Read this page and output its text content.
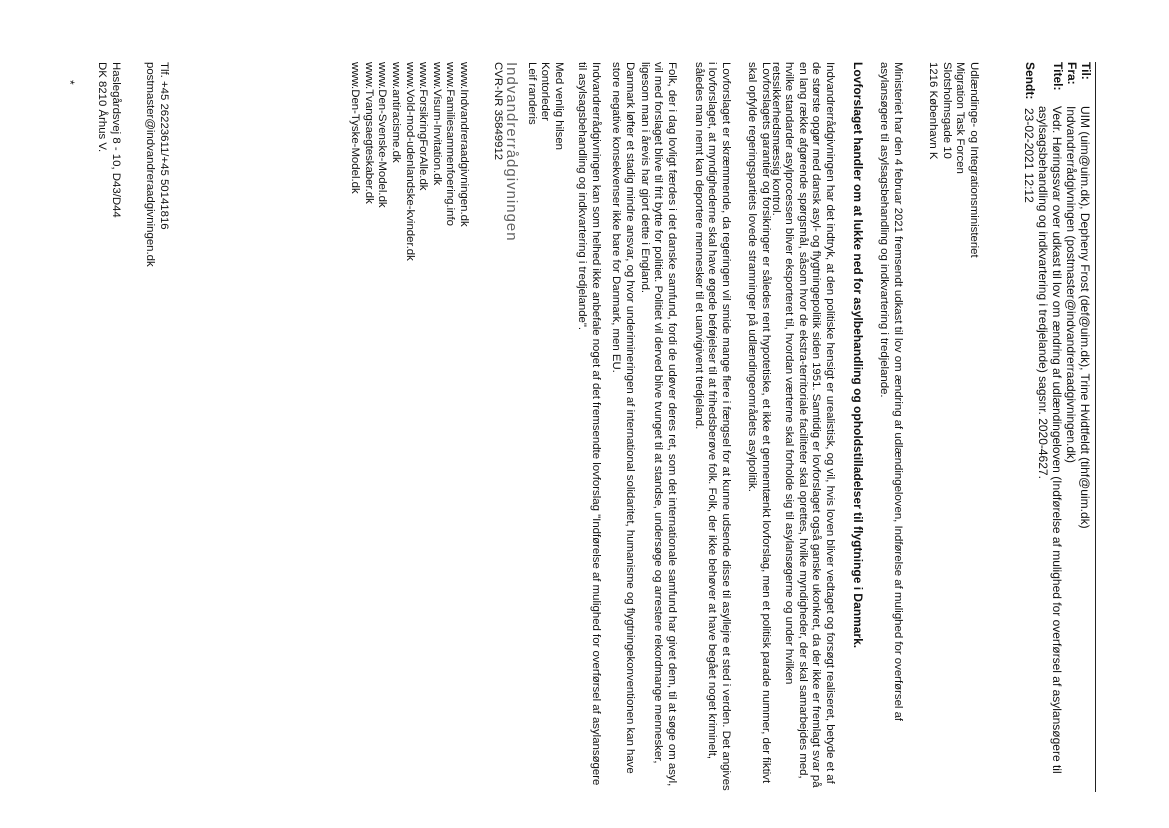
Til:
UIM (uim@uim.dk), Depheny Frost (def@uim.dk), Trine Hvidtfeldt (tihf@uim.dk)
Fra:
Indvandrerrådgivningen (postmaster@indvandrerraadgivningen.dk)
Titel:
Vedr. Høringssvar over udkast til lov om ændring af udlændingeloven (Indførelse af mulighed for overførsel af asylansøgere til asylsagsbehandling og indkvartering i tredjelande) sagsnr. 2020-4627.
Sendt:
23-02-2021 12:12
Udlændinge- og Integrationsministeriet
Migration Task Forcen
Slotsholmsgade 10
1216 København K
Ministeriet har den 4 februar 2021 fremsendt udkast til lov om ændring af udlændingeloven, Indførelse af mulighed for overførsel af asylansøgere til asylsagsbehandling og indkvartering i tredjelande.
Lovforslaget handler om at lukke ned for asylbehandling og opholdstilladelser til flygtninge i Danmark.
Indvandrerrådgivningen har det indtryk, at den politiske hensigt er urealistisk, og vil, hvis loven bliver vedtaget og forsøgt realiseret, betyde et af de største opgør med dansk asyl- og flygtningepolitik siden 1951. Samtidig er lovforslaget også ganske ukonkret, da der ikke er fremlagt svar på en lang række afgørende spørgsmål, såsom hvor de ekstra-territoriale faciliteter skal oprettes, hvilke myndigheder, der skal samarbejdes med, hvilke standarder asylprocessen bliver eksporteret til, hvordan værterne skal forholde sig til asylansøgerne og under hvilken retssikkerhedsmæssig kontrol.
Lovforslagets garantier og forsikringer er således rent hypotetiske, et ikke et gennemtænkt lovforslag, men et politisk parade nummer, der fiktivt skal opfylde regeringspartiets lovede stramninger på udlændingeområdets asylpolitik.
Lovforslaget er skræmmende, da regeringen vil smide mange flere i fængsel for at kunne udsende disse til asyllejre et sted i verden. Det angives i lovforslaget, at myndighederne skal have øgede beføjelser til at frihedsberøve folk. Folk, der ikke behøver at have begået noget kriminelt, således man nemt kan deportere mennesker til et uanvigivent tredjeland.
Folk, der i dag lovligt færdes i det danske samfund, fordi de udøver deres ret, som det internationale samfund har givet dem, til at søge om asyl, vil med forslaget blive til frit bytte for politiet. Politiet vil derved blive tvunget til at standse, undersøge og arrestere rekordmange mennesker, ligesom man i årevis har gjort dette i England.
Danmark løfter et stadig mindre ansvar, og hvor underimineringen af international solidaritet, humanisme og flygtningekonventionen kan have store negative konsekvenser ikke bare for Danmark, men EU.
Indvandrerrådgivningen kan som helhed ikke anbefale noget af det fremsendte lovforslag "Indførelse af mulighed for overførsel af asylansøgere til asylsagsbehandling og indkvartering i tredjelande".
Med venlig hilsen
Kontorleder
Leif randeris
Indvandrerrådgivningen
CVR-NR 35849912
www.Indvandreraadgivningen.dk
www.Familiesammenfoering.info
www.Visum-Invitation.dk
www.ForsikringForAlle.dk
www.Vold-mod-udenlandske-kvinder.dk
www.antiracisme.dk
www.Den-Svenske-Model.dk
www.Tvangsaegteskaber.dk
www.Den-Tyske-Model.dk
Tlf. +45 26223611/+45 50141816
postmaster@indvandreraadgivningen.dk
Haslegårdsvej 8 - 10, D43/D44
DK 8210 Århus V.
*
